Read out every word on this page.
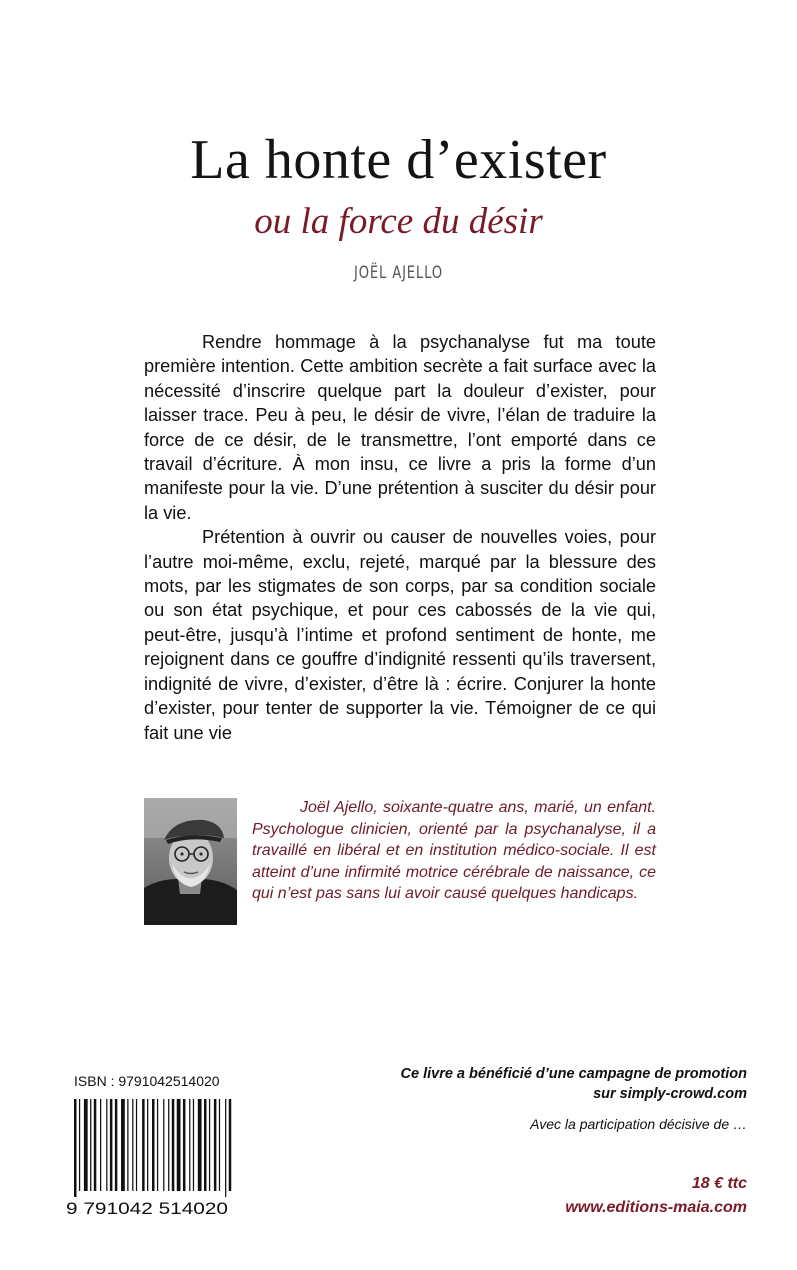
La honte d’exister
ou la force du désir
JOËL AJELLO

Rendre hommage à la psychanalyse fut ma toute première intention. Cette ambition secrète a fait surface avec la nécessité d’inscrire quelque part la douleur d’exister, pour laisser trace. Peu à peu, le désir de vivre, l’élan de traduire la force de ce désir, de le transmettre, l’ont emporté dans ce travail d’écriture. À mon insu, ce livre a pris la forme d’un manifeste pour la vie. D’une prétention à susciter du désir pour la vie.

Prétention à ouvrir ou causer de nouvelles voies, pour l’autre moi-même, exclu, rejeté, marqué par la blessure des mots, par les stigmates de son corps, par sa condition sociale ou son état psychique, et pour ces cabossés de la vie qui, peut-être, jusqu’à l’intime et profond sentiment de honte, me rejoignent dans ce gouffre d’indignité ressenti qu’ils traversent, indignité de vivre, d’exister, d’être là : écrire. Conjurer la honte d’exister, pour tenter de supporter la vie. Témoigner de ce qui fait une vie

Joël Ajello, soixante-quatre ans, marié, un enfant. Psychologue clinicien, orienté par la psychanalyse, il a travaillé en libéral et en institution médico-sociale. Il est atteint d’une infirmité motrice cérébrale de naissance, ce qui n’est pas sans lui avoir causé quelques handicaps.

ISBN : 9791042514020
9 791042 514020
Ce livre a bénéficié d’une campagne de promotion
sur simply-crowd.com
Avec la participation décisive de …
18 € ttc
www.editions-maia.com
